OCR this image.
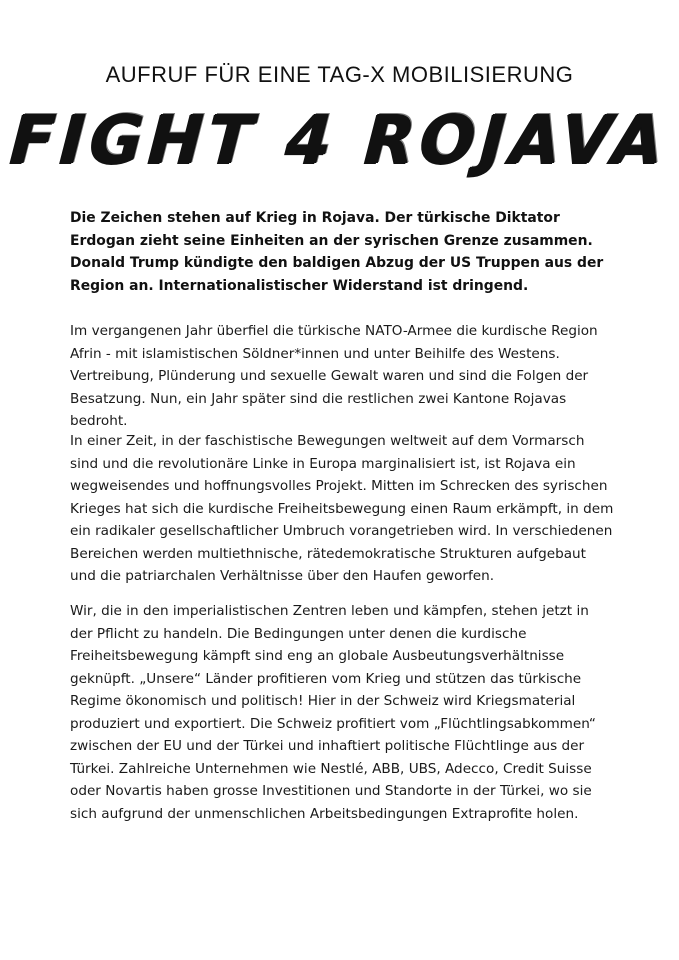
AUFRUF FÜR EINE TAG-X MOBILISIERUNG
FIGHT 4 ROJAVA

Die Zeichen stehen auf Krieg in Rojava. Der türkische Diktator Erdogan zieht seine Einheiten an der syrischen Grenze zusammen. Donald Trump kündigte den baldigen Abzug der US Truppen aus der Region an. Internationalistischer Widerstand ist dringend.

Im vergangenen Jahr überfiel die türkische NATO-Armee die kurdische Region Afrin - mit islamistischen Söldner*innen und unter Beihilfe des Westens. Vertreibung, Plünderung und sexuelle Gewalt waren und sind die Folgen der Besatzung. Nun, ein Jahr später sind die restlichen zwei Kantone Rojavas bedroht.

In einer Zeit, in der faschistische Bewegungen weltweit auf dem Vormarsch sind und die revolutionäre Linke in Europa marginalisiert ist, ist Rojava ein wegweisendes und hoffnungsvolles Projekt. Mitten im Schrecken des syrischen Krieges hat sich die kurdische Freiheitsbewegung einen Raum erkämpft, in dem ein radikaler gesellschaftlicher Umbruch vorangetrieben wird. In verschiedenen Bereichen werden multiethnische, rätedemokratische Strukturen aufgebaut und die patriarchalen Verhältnisse über den Haufen geworfen.

Wir, die in den imperialistischen Zentren leben und kämpfen, stehen jetzt in der Pflicht zu handeln. Die Bedingungen unter denen die kurdische Freiheitsbewegung kämpft sind eng an globale Ausbeutungsverhältnisse geknüpft. „Unsere“ Länder profitieren vom Krieg und stützen das türkische Regime ökonomisch und politisch! Hier in der Schweiz wird Kriegsmaterial produziert und exportiert. Die Schweiz profitiert vom „Flüchtlingsabkommen“ zwischen der EU und der Türkei und inhaftiert politische Flüchtlinge aus der Türkei. Zahlreiche Unternehmen wie Nestlé, ABB, UBS, Adecco, Credit Suisse oder Novartis haben grosse Investitionen und Standorte in der Türkei, wo sie sich aufgrund der unmenschlichen Arbeitsbedingungen Extraprofite holen.
